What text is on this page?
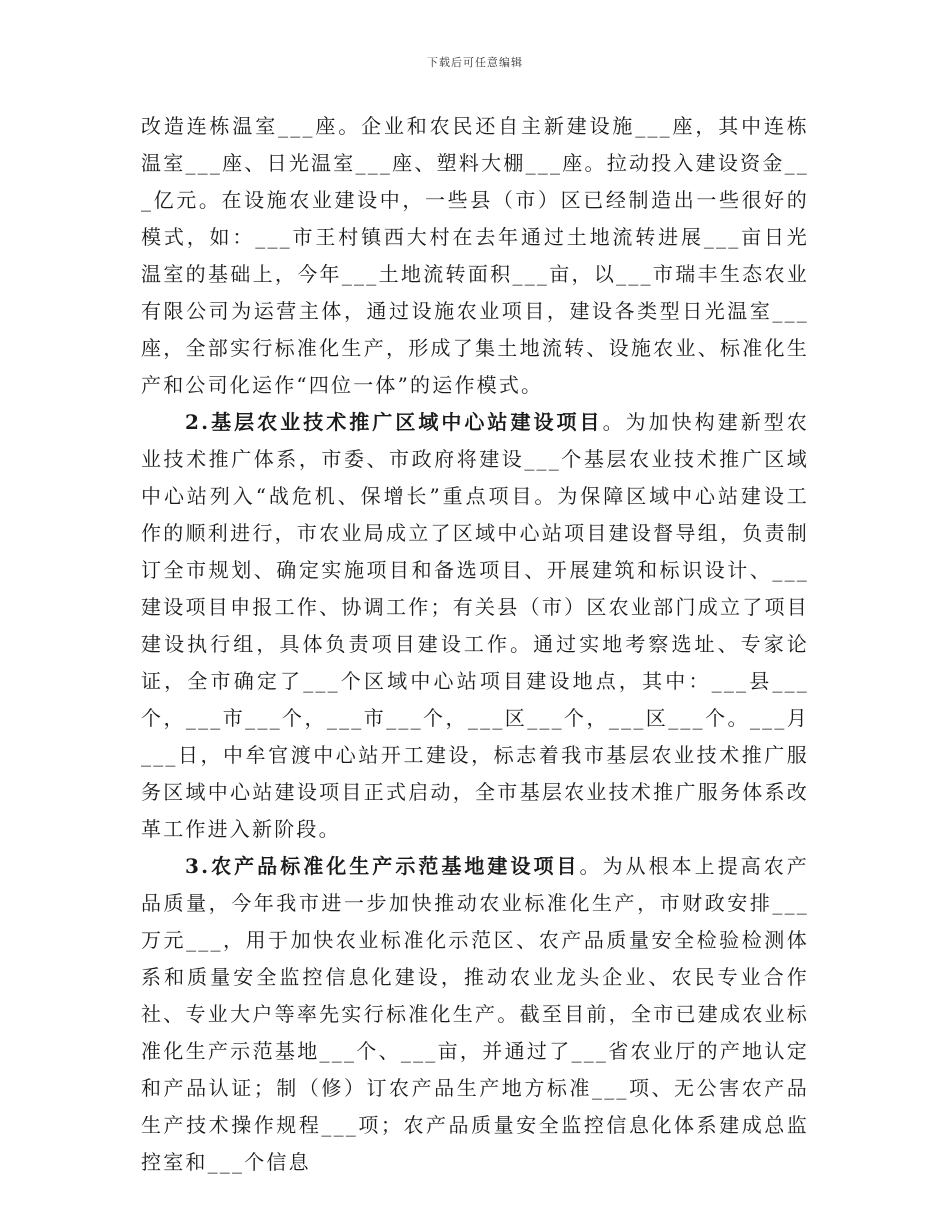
下载后可任意编辑

改造连栋温室___座。企业和农民还自主新建设施___座，其中连栋温室___座、日光温室___座、塑料大棚___座。拉动投入建设资金___亿元。在设施农业建设中，一些县（市）区已经制造出一些很好的模式，如：___市王村镇西大村在去年通过土地流转进展___亩日光温室的基础上，今年___土地流转面积___亩，以___市瑞丰生态农业有限公司为运营主体，通过设施农业项目，建设各类型日光温室___座，全部实行标准化生产，形成了集土地流转、设施农业、标准化生产和公司化运作“四位一体”的运作模式。

2.基层农业技术推广区域中心站建设项目。为加快构建新型农业技术推广体系，市委、市政府将建设___个基层农业技术推广区域中心站列入“战危机、保增长”重点项目。为保障区域中心站建设工作的顺利进行，市农业局成立了区域中心站项目建设督导组，负责制订全市规划、确定实施项目和备选项目、开展建筑和标识设计、___建设项目申报工作、协调工作；有关县（市）区农业部门成立了项目建设执行组，具体负责项目建设工作。通过实地考察选址、专家论证，全市确定了___个区域中心站项目建设地点，其中：___县___个，___市___个，___市___个，___区___个，___区___个。___月___日，中牟官渡中心站开工建设，标志着我市基层农业技术推广服务区域中心站建设项目正式启动，全市基层农业技术推广服务体系改革工作进入新阶段。

3.农产品标准化生产示范基地建设项目。为从根本上提高农产品质量，今年我市进一步加快推动农业标准化生产，市财政安排___万元___，用于加快农业标准化示范区、农产品质量安全检验检测体系和质量安全监控信息化建设，推动农业龙头企业、农民专业合作社、专业大户等率先实行标准化生产。截至目前，全市已建成农业标准化生产示范基地___个、___亩，并通过了___省农业厅的产地认定和产品认证；制（修）订农产品生产地方标准___项、无公害农产品生产技术操作规程___项；农产品质量安全监控信息化体系建成总监控室和___个信息
